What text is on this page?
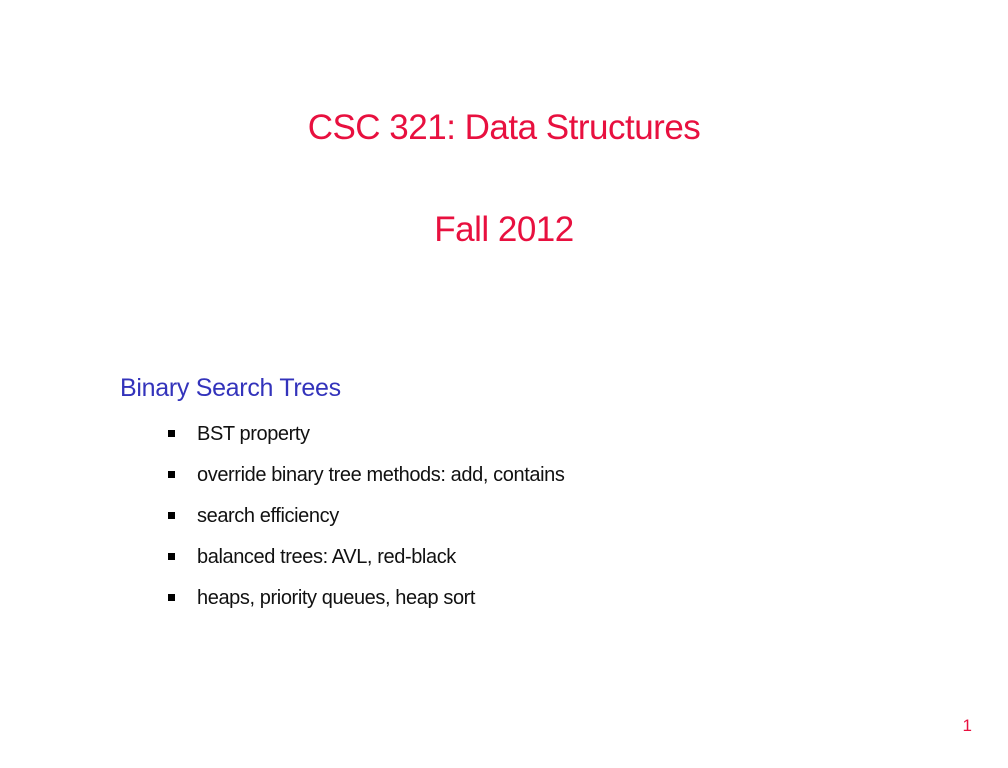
CSC 321: Data Structures
Fall 2012
Binary Search Trees
BST property
override binary tree methods: add, contains
search efficiency
balanced trees: AVL, red-black
heaps, priority queues, heap sort
1
